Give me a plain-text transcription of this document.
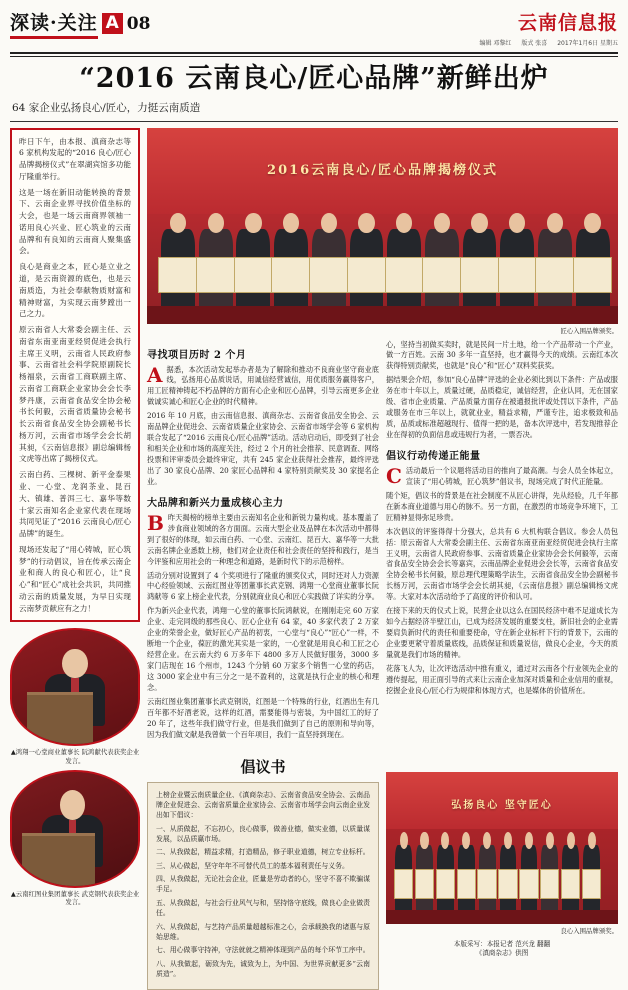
深读·关注 A 08	云南信息报
编辑 邓黎红 版式 张喜 2017年1月6日 星期五
“2016 云南良心/匠心品牌”新鲜出炉
64 家企业弘扬良心/匠心，力挺云南质造

昨日下午，由本报、滇商杂志等 6 家机构发起的“2016 良心/匠心品牌揭榜仪式”在翠湖宾馆多功能厅隆重举行。

这是一场在新旧动能转换的背景下、云南企业界寻找价值坐标的大会，也是一场云南商界领袖一诺用良心兴业、匠心筑业的云南品牌和有良知的云南商人聚集盛会。

良心是商业之本，匠心是立业之道，是云南资源的底色，也是云南质造，为社会奉献物质财富和精神财富，为实现云南梦蹚出一己之力。

原云南省人大常委会副主任、云南省东南亚南亚经贸促进会执行主席王义明，云南省人民政府参事、云南省社会科学院原副院长杨福泉，云南省工商联副主席、云南省工商联企业家协会会长李梦丹康，云南省食品安全协会秘书长何毅，云南省质量协会秘书长云南省食品安全协会副秘书长杨万河，云南省市场学会会长胡其昶，《云南信息报》副总编辑杨文虎等出席了揭榜仪式。

云南白药、三棵树、新平金泰果业、一心堂、龙润茶业、昆百大、镇雄、普洱三七、嘉华等数十家云南知名企业家代表在现场共同见证了“2016 云南良心/匠心品牌”的诞生。

现场还发起了“用心铸城，匠心筑梦”的行动倡议，旨在传承云南企业和商人的良心和匠心，让“良心”和“匠心”成社会共识，共同推动云南的质量发展，为早日实现云南梦贡献应有之力！

▲鸿翔一心堂商业董事长 阮鸿献代表获奖企业发言。
▲云南红图业集团董事长 武克钢代表获奖企业发言。
2016云南良心/匠心品牌揭榜仪式
匠心入围品牌颁奖。
寻找项目历时 2 个月

A 据悉，本次活动发起举办者是为了解除和推动不良商业坚守商业底线，弘扬用心品质说话，用诚信经营诚信，用优质服务赢得客户，用工匠精神铸起不朽品牌的方面有心企业和匠心品牌，引导云南更多企业做诚实诚心和匠心企业的时代精神。

2016 年 10 月底，由云南信息报、滇商杂志、云南省食品安全协会、云南品牌企业促进会、云南省质量企业家协会、云南省市场学会等 6 家机构联合发起了“2016 云南良心/匠心品牌”活动。活动启动后，即受到了社会和相关企业和市场的高度关注，经过 2 个月的社会推荐、民意调查、网络投票和评审委员会最终审定，共有 245 家企业获得社会推荐，最终评选出了 30 家良心品牌、20 家匠心品牌和 4 家特别贡献奖及 30 家提名企业。

大品牌和新兴力量成核心主力

B 昨天揭榜的榜单主要由云南知名企业和新锐力量构成。基本覆盖了涉食商业领域的各方面面。云南大型企业及品牌在本次活动中都得到了很好的体现，如云南白药、一心堂、云南红、昆百大、嘉华等一大批云南名牌企业悉数上榜，他们对企业责任和社会责任的坚持和践行，是当今评鉴和应用社会的一种理念和道路，是新时代下的示范榜样。

活动分别对设置到了 4 个奖项进行了隆重的颁奖仪式，同时还对人力资源中心经验领域、云南红图业等团董事长武克钢、鸿翔一心堂商业董事长阮鸿献等 6 家上榜企业代表，分别就商业良心和匠心实践做了详实的分享。

作为新兴企业代表，鸿翔一心堂的董事长阮鸿献说，在刚刚走完 60 万家企业、走完同级的那些良心、匠心企业有 64 家，40 多家代表了 2 万家企业的荣誉企业，做好匠心产品的初衷，一心堂与“良心”“匠心”一样，不断地一个企业，葆匠的激光其实是一家的，一心堂就是用良心和工匠之心经营企业。在云南大约 6 万多年下 4800 多万人民做好服务，3000 多家门店现在 16 个州市，1243 个分销 60 万家多个销售一心堂的药店，这 3000 家企业中有三分之一是不盈利的，这就是执行企业的核心和理念。

云南红图业集团董事长武克钢说，红图是一个特殊的行业，红酒出生有几百年都不好酒老说，这样的红酒，需要能得与密装，为中国红工的好了 20 年了，这些年我们做守行业，但是我们做到了自己的原则和导向等，因为我们做文献是我曾做一个百年项目，我们一直坚持到现在。

心，坚持当初做买卖时，就是民间一片土地，给一个产品带动一个产业，做一方百姓。云南 30 多年一直坚持，也才赢得今天的成绩。云南红本次获得特别贡献奖，也就是“良心”和“匠心”双料奖获奖。

据结果会介绍，参加“良心品牌”评选的企业必须比到以下条件：产品或服务在市十年以上，质量过硬，品质稳定，诚信经营，企业认同，无在国家级、省市企业质量、产品质量方面存在被通报批评或处罚以下条件，产品或服务在市三年以上，就就业业，精益求精，严谨专注，追求极致和品质，品质或标准超越现行、值得一把的是，备本次评选中，若发现推荐企业在得初的负面信息或违规行为者，一票否决。

倡议行动传递正能量

C 活动最后一个议题将活动目的推向了最高潮。与会人员全体起立，宣读了“用心铸城，匠心筑梦”倡议书，现场完成了时代正能量。

随个矩，倡议书的背景是在社会制度不从匠心讲得，先从经验，几千年都在新本商业道德与用心的脉不。另一方面，在激烈的市场竞争环境下，工匠精神显得弥足珍贵。

本次倡议的评鉴得得十分强大，总共有 6 大机构联合倡议。参会人员包括：原云南省人大常委会副主任、云南省东南亚南亚经贸促进会执行主席王义明，云南省人民政府参事、云南省质量企业家协会会长何毅等，云南省食品安全协会会长等嘉宾，云南品牌企业促进会会长等，云南省食品安全协会秘书长何毅，原总理代理策略学法生，云南省食品安全协会副秘书长杨万河，云南省市场学会会长胡其昶，《云南信息报》副总编辑杨文虎等。大家对本次活动给予了高度的评价和认可。

在接下来的天的仪式上说，民营企业以这么在国民经济中难不足道成长为如今占据经济半壁江山，已成为经济发展的重要支柱，新旧社会的企业需要肩负新时代的责任和重要使命，守在新企业标杆下行的背景下，云南的企业要更紧守着质量底线，品质保证和质量说信，做良心企业，今天的质量就是我们市场的精神。

花落飞人为，让次评选活动中推有重义，通过对云南各个行业领先企业的遵传提起，用正面引导的式来让云南企业加深对质量和企业信用的重视，挖握企业良心/匠心行为规律和体现方式，也是媒体的价值所在。

倡议书

上榜企业暨云南质量企业、《滇商杂志》、云南省食品安全协会、云南品牌企业促进会、云南省质量企业家协会、云南省市场学会向云南企业发出如下倡议：

一、从质做起，不忘初心，良心做事，做善业德，做实业德，以质量谋发展，以品质赢市场。

二、从我做起，精益求精，打造精品，修子职业道德，树立专业标杆。

三、从心做起，坚守年年不可替代员工的基本福利责任与义务。

四、从我做起，无论社会企业，匠量是劳动者的心，坚守不喜不欺骗谋手足。

五、从我做起，与社会行业风气与和，坚持恪守底线，做良心企业做责任。

六、从我做起，与艺持产品质量超越标准之心，会承载换我的诸惠与原始思维。

七、用心做事守持神，守法就就之精神体现到产品的每个环节工序中。

八、从我做起，砺致为先，诚致为上，为中国、为世界贡献更多“云南质造”。

弘扬良心 坚守匠心
良心入围品牌颁奖。
本版采写：本报记者 范兴龙 翻翻
《滇商杂志》供图
